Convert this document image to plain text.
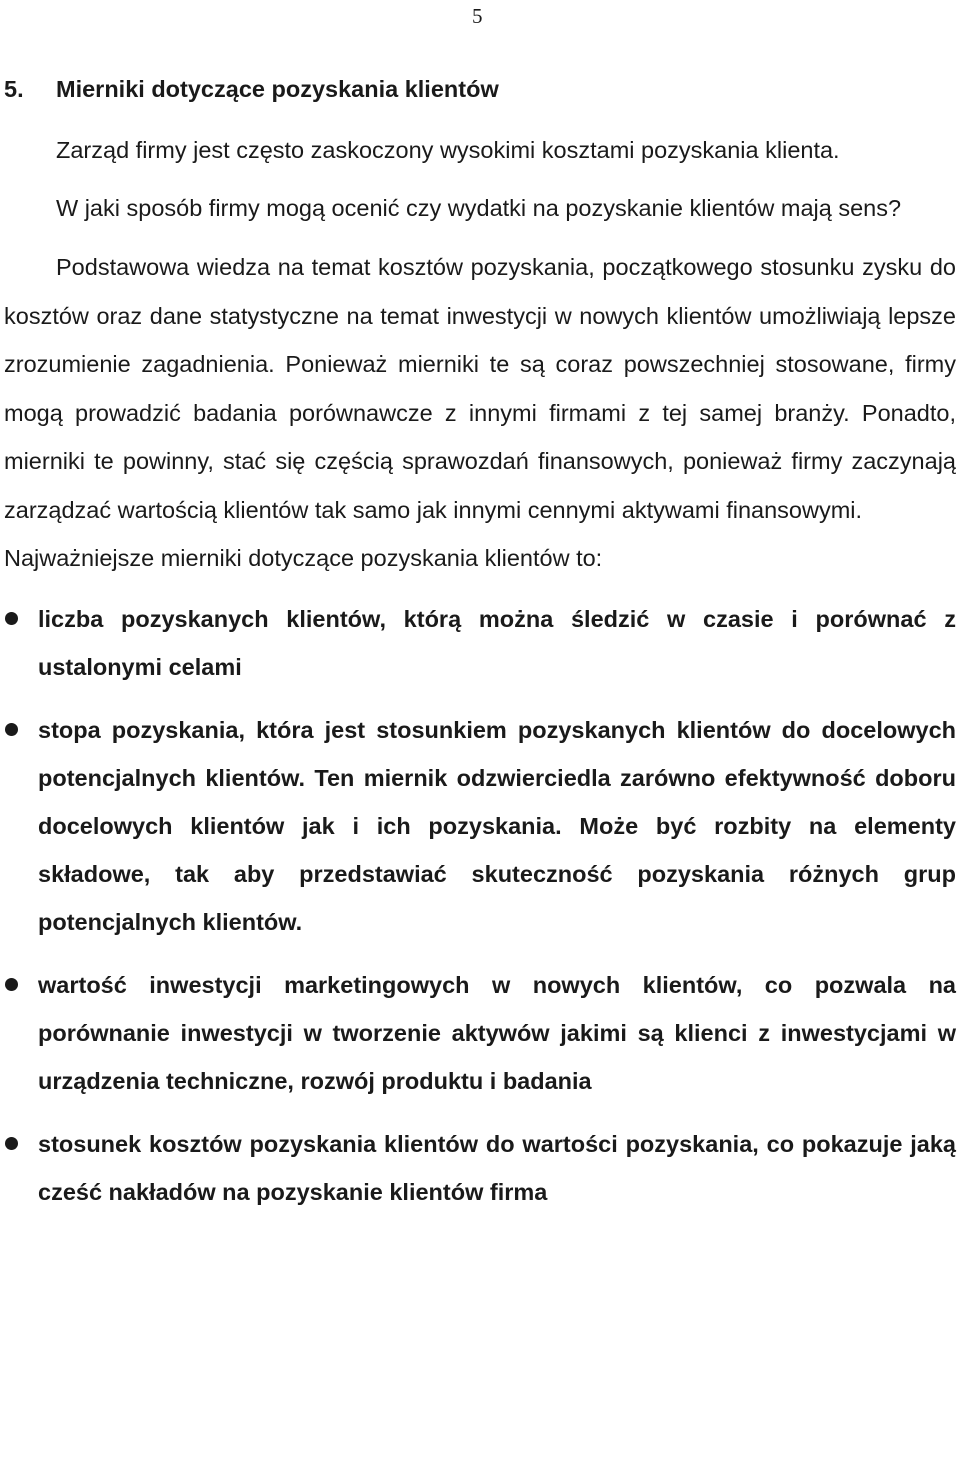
5
5.	Mierniki dotyczące pozyskania klientów

Zarząd firmy jest często zaskoczony wysokimi kosztami pozyskania klienta.

W jaki sposób firmy mogą ocenić czy wydatki na pozyskanie klientów mają sens?

Podstawowa wiedza na temat kosztów pozyskania, początkowego stosunku zysku do kosztów oraz dane statystyczne na temat inwestycji w nowych klientów umożliwiają lepsze zrozumienie zagadnienia. Ponieważ mierniki te są coraz powszechniej stosowane, firmy mogą prowadzić badania porównawcze z innymi firmami z tej samej branży. Ponadto, mierniki te powinny, stać się częścią sprawozdań finansowych, ponieważ firmy zaczynają zarządzać wartością klientów tak samo jak innymi cennymi aktywami finansowymi.

Najważniejsze mierniki dotyczące pozyskania klientów to:

liczba pozyskanych klientów, którą można śledzić w czasie i porównać z ustalonymi celami
stopa pozyskania, która jest stosunkiem pozyskanych klientów do docelowych potencjalnych klientów. Ten miernik odzwierciedla zarówno efektywność doboru docelowych klientów jak i ich pozyskania. Może być rozbity na elementy składowe, tak aby przedstawiać skuteczność pozyskania różnych grup potencjalnych klientów.
wartość inwestycji marketingowych w nowych klientów, co pozwala na porównanie inwestycji w tworzenie aktywów jakimi są klienci z inwestycjami w urządzenia techniczne, rozwój produktu i badania
stosunek kosztów pozyskania klientów do wartości pozyskania, co pokazuje jaką cześć nakładów na pozyskanie klientów firma
